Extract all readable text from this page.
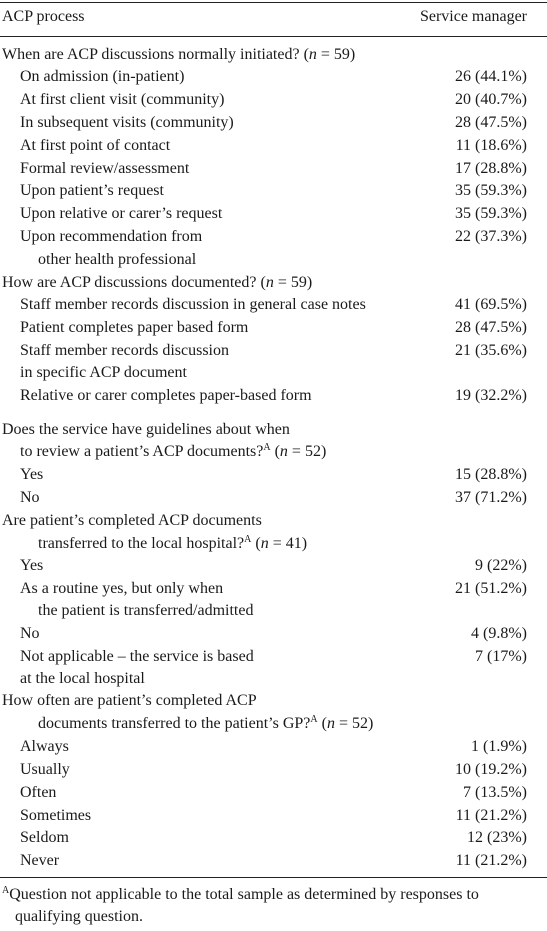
ACP process	Service manager
When are ACP discussions normally initiated? (n = 59)
On admission (in-patient)	26 (44.1%)
At first client visit (community)	20 (40.7%)
In subsequent visits (community)	28 (47.5%)
At first point of contact	11 (18.6%)
Formal review/assessment	17 (28.8%)
Upon patient’s request	35 (59.3%)
Upon relative or carer’s request	35 (59.3%)
Upon recommendation from	22 (37.3%)
other health professional
How are ACP discussions documented? (n = 59)
Staff member records discussion in general case notes	41 (69.5%)
Patient completes paper based form	28 (47.5%)
Staff member records discussion	21 (35.6%)
in specific ACP document
Relative or carer completes paper-based form	19 (32.2%)
Does the service have guidelines about when
to review a patient’s ACP documents?$^A$ (n = 52)
Yes	15 (28.8%)
No	37 (71.2%)
Are patient’s completed ACP documents
transferred to the local hospital?$^A$ (n = 41)
Yes	9 (22%)
As a routine yes, but only when	21 (51.2%)
the patient is transferred/admitted
No	4 (9.8%)
Not applicable – the service is based	7 (17%)
at the local hospital
How often are patient’s completed ACP
documents transferred to the patient’s GP?$^A$ (n = 52)
Always	1 (1.9%)
Usually	10 (19.2%)
Often	7 (13.5%)
Sometimes	11 (21.2%)
Seldom	12 (23%)
Never	11 (21.2%)
$^A$Question not applicable to the total sample as determined by responses to
qualifying question.
